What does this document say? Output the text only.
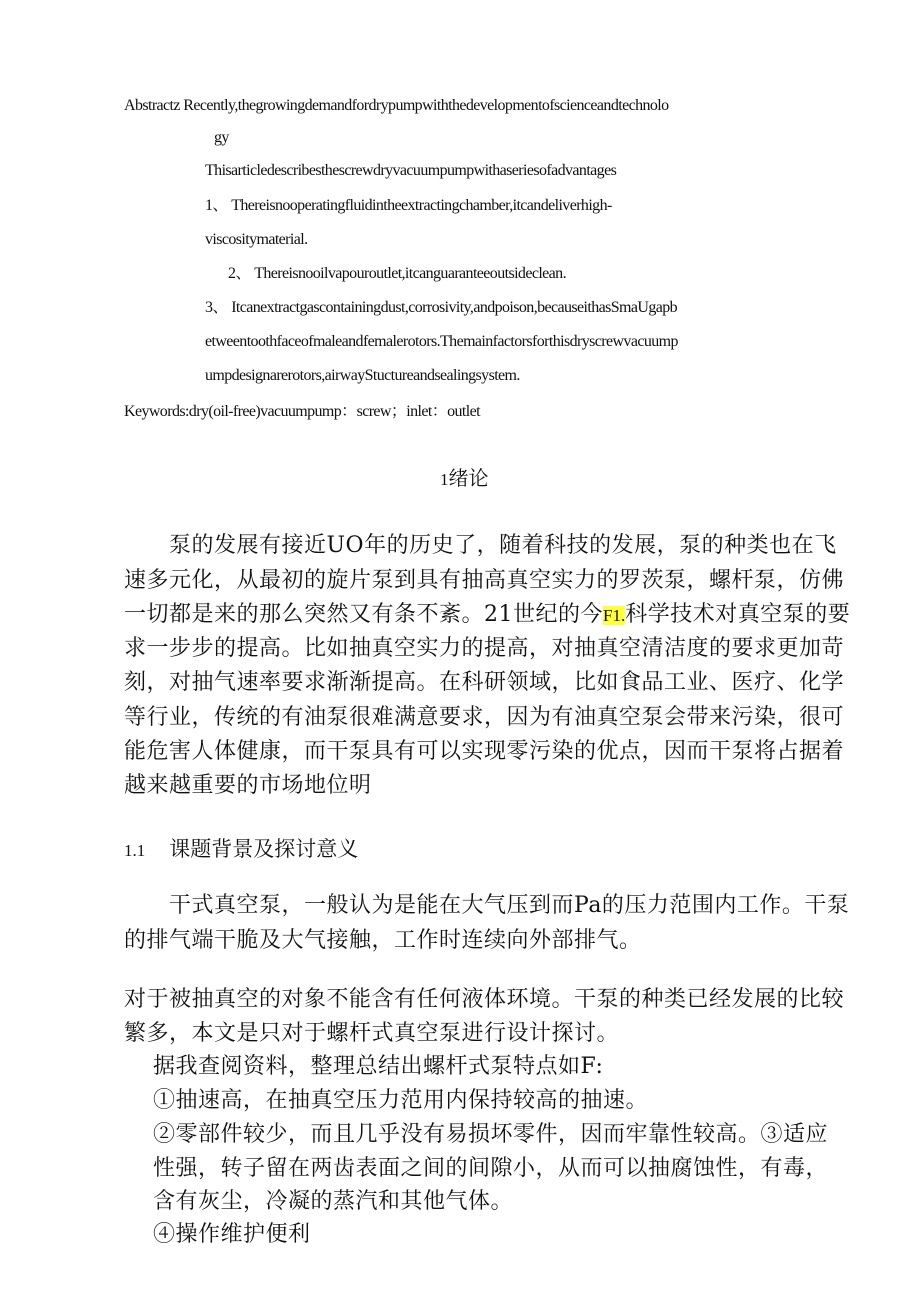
Abstractz Recently,thegrowingdemandfordrypumpwiththedevelopmentofscienceandtechnolo
gy
Thisarticledescribesthescrewdryvacuumpumpwithaseriesofadvantages
1、 Thereisnooperatingfluidintheextractingchamber,itcandeliverhigh-
viscositymaterial.
2、 Thereisnooilvapouroutlet,itcanguaranteeoutsideclean.
3、 Itcanextractgascontainingdust,corrosivity,andpoison,becauseithasSmaUgapb
etweentoothfaceofmaleandfemalerotors.Themainfactorsforthisdryscrewvacuump
umpdesignarerotors,airwayStuctureandsealingsystem.
Keywords:dry(oil-free)vacuumpump：screw；inlet：outlet
1绪论
泵的发展有接近UO年的历史了，随着科技的发展，泵的种类也在飞
速多元化，从最初的旋片泵到具有抽高真空实力的罗茨泵，螺杆泵，仿佛
一切都是来的那么突然又有条不紊。21世纪的今F1.科学技术对真空泵的要
求一步步的提高。比如抽真空实力的提高，对抽真空清洁度的要求更加苛
刻，对抽气速率要求渐渐提高。在科研领域，比如食品工业、医疗、化学
等行业，传统的有油泵很难满意要求，因为有油真空泵会带来污染，很可
能危害人体健康，而干泵具有可以实现零污染的优点，因而干泵将占据着
越来越重要的市场地位明
1.1 课题背景及探讨意义
干式真空泵，一般认为是能在大气压到而Pa的压力范围内工作。干泵
的排气端干脆及大气接触，工作时连续向外部排气。
对于被抽真空的对象不能含有任何液体环境。干泵的种类已经发展的比较
繁多，本文是只对于螺杆式真空泵进行设计探讨。
据我查阅资料，整理总结出螺杆式泵特点如F:
①抽速高，在抽真空压力范用内保持较高的抽速。
②零部件较少，而且几乎没有易损坏零件，因而牢靠性较高。③适应
性强，转子留在两齿表面之间的间隙小，从而可以抽腐蚀性，有毒，
含有灰尘，冷凝的蒸汽和其他气体。
④操作维护便利
